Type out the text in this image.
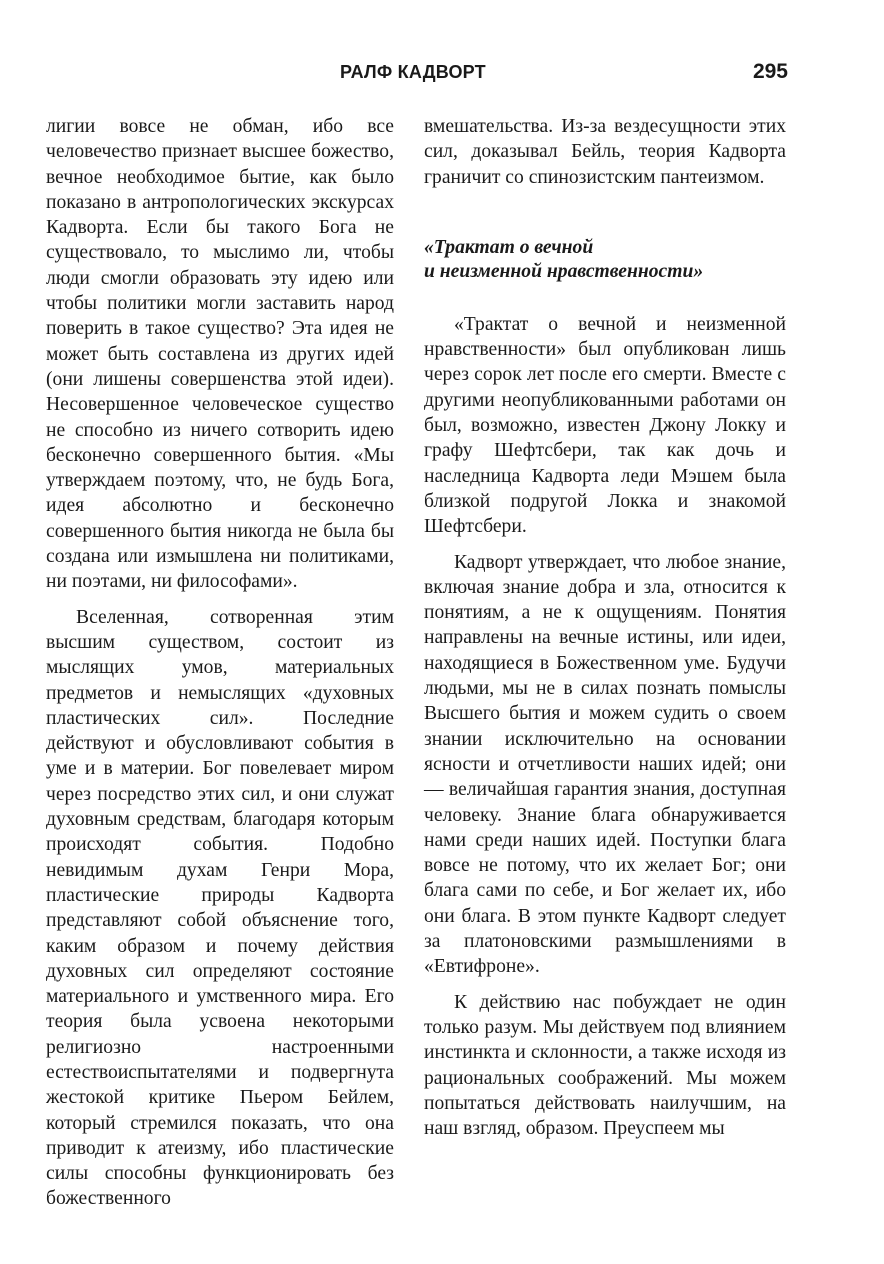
РАЛФ КАДВОРТ	295

лигии вовсе не обман, ибо все человечество признает высшее божество, вечное необходимое бытие, как было показано в антропологических экскурсах Кадворта. Если бы такого Бога не существовало, то мыслимо ли, чтобы люди смогли образовать эту идею или чтобы политики могли заставить народ поверить в такое существо? Эта идея не может быть составлена из других идей (они лишены совершенства этой идеи). Несовершенное человеческое существо не способно из ничего сотворить идею бесконечно совершенного бытия. «Мы утверждаем поэтому, что, не будь Бога, идея абсолютно и бесконечно совершенного бытия никогда не была бы создана или измышлена ни политиками, ни поэтами, ни философами».

Вселенная, сотворенная этим высшим существом, состоит из мыслящих умов, материальных предметов и немыслящих «духовных пластических сил». Последние действуют и обусловливают события в уме и в материи. Бог повелевает миром через посредство этих сил, и они служат духовным средствам, благодаря которым происходят события. Подобно невидимым духам Генри Мора, пластические природы Кадворта представляют собой объяснение того, каким образом и почему действия духовных сил определяют состояние материального и умственного мира. Его теория была усвоена некоторыми религиозно настроенными естествоиспытателями и подвергнута жестокой критике Пьером Бейлем, который стремился показать, что она приводит к атеизму, ибо пластические силы способны функционировать без божественного

вмешательства. Из-за вездесущности этих сил, доказывал Бейль, теория Кадворта граничит со спинозистским пантеизмом.

«Трактат о вечной
и неизменной нравственности»

«Трактат о вечной и неизменной нравственности» был опубликован лишь через сорок лет после его смерти. Вместе с другими неопубликованными работами он был, возможно, известен Джону Локку и графу Шефтсбери, так как дочь и наследница Кадворта леди Мэшем была близкой подругой Локка и знакомой Шефтсбери.

Кадворт утверждает, что любое знание, включая знание добра и зла, относится к понятиям, а не к ощущениям. Понятия направлены на вечные истины, или идеи, находящиеся в Божественном уме. Будучи людьми, мы не в силах познать помыслы Высшего бытия и можем судить о своем знании исключительно на основании ясности и отчетливости наших идей; они — величайшая гарантия знания, доступная человеку. Знание блага обнаруживается нами среди наших идей. Поступки блага вовсе не потому, что их желает Бог; они блага сами по себе, и Бог желает их, ибо они блага. В этом пункте Кадворт следует за платоновскими размышлениями в «Евтифроне».

К действию нас побуждает не один только разум. Мы действуем под влиянием инстинкта и склонности, а также исходя из рациональных соображений. Мы можем попытаться действовать наилучшим, на наш взгляд, образом. Преуспеем мы
